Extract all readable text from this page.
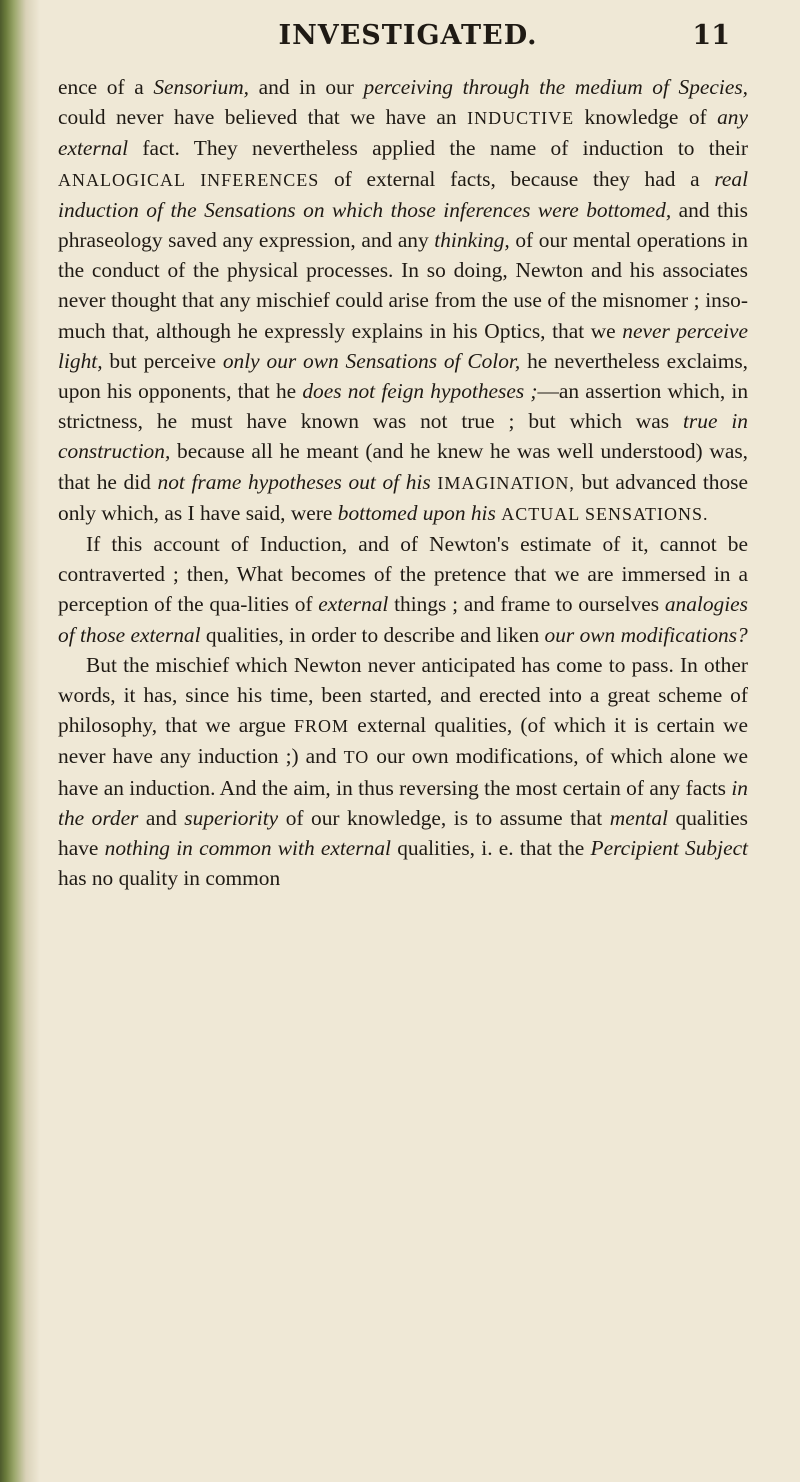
INVESTIGATED.	11

ence of a Sensorium, and in our perceiving through the medium of Species, could never have believed that we have an INDUCTIVE knowledge of any external fact. They nevertheless applied the name of induction to their ANALOGICAL INFERENCES of external facts, because they had a real induction of the Sensations on which those inferences were bottomed, and this phraseology saved any expression, and any thinking, of our mental operations in the conduct of the physical processes. In so doing, Newton and his associates never thought that any mischief could arise from the use of the misnomer ; inso-much that, although he expressly explains in his Optics, that we never perceive light, but perceive only our own Sensations of Color, he nevertheless exclaims, upon his opponents, that he does not feign hypotheses ;—an assertion which, in strictness, he must have known was not true ; but which was true in construction, because all he meant (and he knew he was well understood) was, that he did not frame hypotheses out of his IMAGINATION, but advanced those only which, as I have said, were bottomed upon his ACTUAL SENSATIONS.

If this account of Induction, and of Newton's estimate of it, cannot be contraverted ; then, What becomes of the pretence that we are immersed in a perception of the qua-lities of external things ; and frame to ourselves analogies of those external qualities, in order to describe and liken our own modifications?

But the mischief which Newton never anticipated has come to pass. In other words, it has, since his time, been started, and erected into a great scheme of philosophy, that we argue FROM external qualities, (of which it is certain we never have any induction ;) and TO our own modifications, of which alone we have an induction. And the aim, in thus reversing the most certain of any facts in the order and superiority of our knowledge, is to assume that mental qualities have nothing in common with external qualities, i. e. that the Percipient Subject has no quality in common
